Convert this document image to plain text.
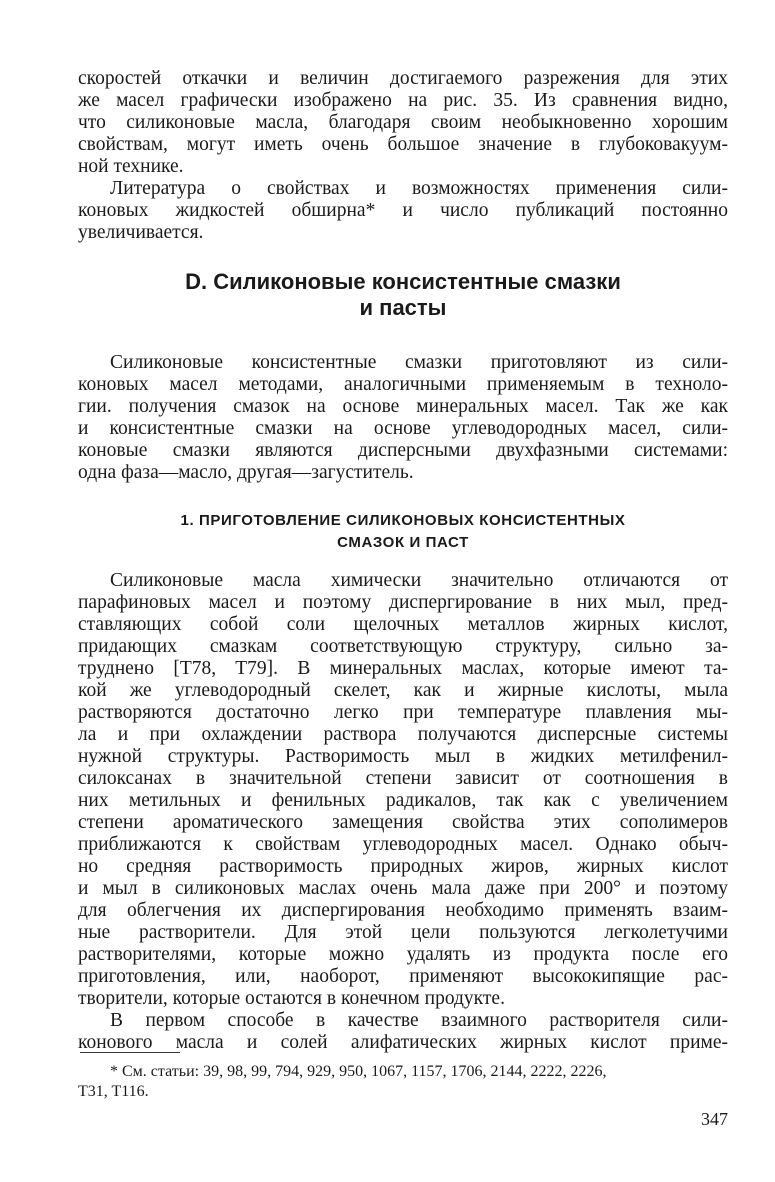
скоростей откачки и величин достигаемого разрежения для этих
же масел графически изображено на рис. 35. Из сравнения видно,
что силиконовые масла, благодаря своим необыкновенно хорошим
свойствам, могут иметь очень большое значение в глубоковакуум-
ной технике.
Литература о свойствах и возможностях применения сили-
коновых жидкостей обширна* и число публикаций постоянно
увеличивается.
D. Силиконовые консистентные смазки
и пасты
Силиконовые консистентные смазки приготовляют из сили-
коновых масел методами, аналогичными применяемым в техноло-
гии. получения смазок на основе минеральных масел. Так же как
и консистентные смазки на основе углеводородных масел, сили-
коновые смазки являются дисперсными двухфазными системами:
одна фаза—масло, другая—загуститель.
1. ПРИГОТОВЛЕНИЕ СИЛИКОНОВЫХ КОНСИСТЕНТНЫХ
СМАЗОК И ПАСТ
Силиконовые масла химически значительно отличаются от
парафиновых масел и поэтому диспергирование в них мыл, пред-
ставляющих собой соли щелочных металлов жирных кислот,
придающих смазкам соответствующую структуру, сильно за-
труднено [T78, T79]. В минеральных маслах, которые имеют та-
кой же углеводородный скелет, как и жирные кислоты, мыла
растворяются достаточно легко при температуре плавления мы-
ла и при охлаждении раствора получаются дисперсные системы
нужной структуры. Растворимость мыл в жидких метилфенил-
силоксанах в значительной степени зависит от соотношения в
них метильных и фенильных радикалов, так как с увеличением
степени ароматического замещения свойства этих сополимеров
приближаются к свойствам углеводородных масел. Однако обыч-
но средняя растворимость природных жиров, жирных кислот
и мыл в силиконовых маслах очень мала даже при 200° и поэтому
для облегчения их диспергирования необходимо применять взаим-
ные растворители. Для этой цели пользуются легколетучими
растворителями, которые можно удалять из продукта после его
приготовления, или, наоборот, применяют высококипящие рас-
творители, которые остаются в конечном продукте.
В первом способе в качестве взаимного растворителя сили-
конового масла и солей алифатических жирных кислот приме-
* См. статьи: 39, 98, 99, 794, 929, 950, 1067, 1157, 1706, 2144, 2222, 2226,
T31, T116.
347
